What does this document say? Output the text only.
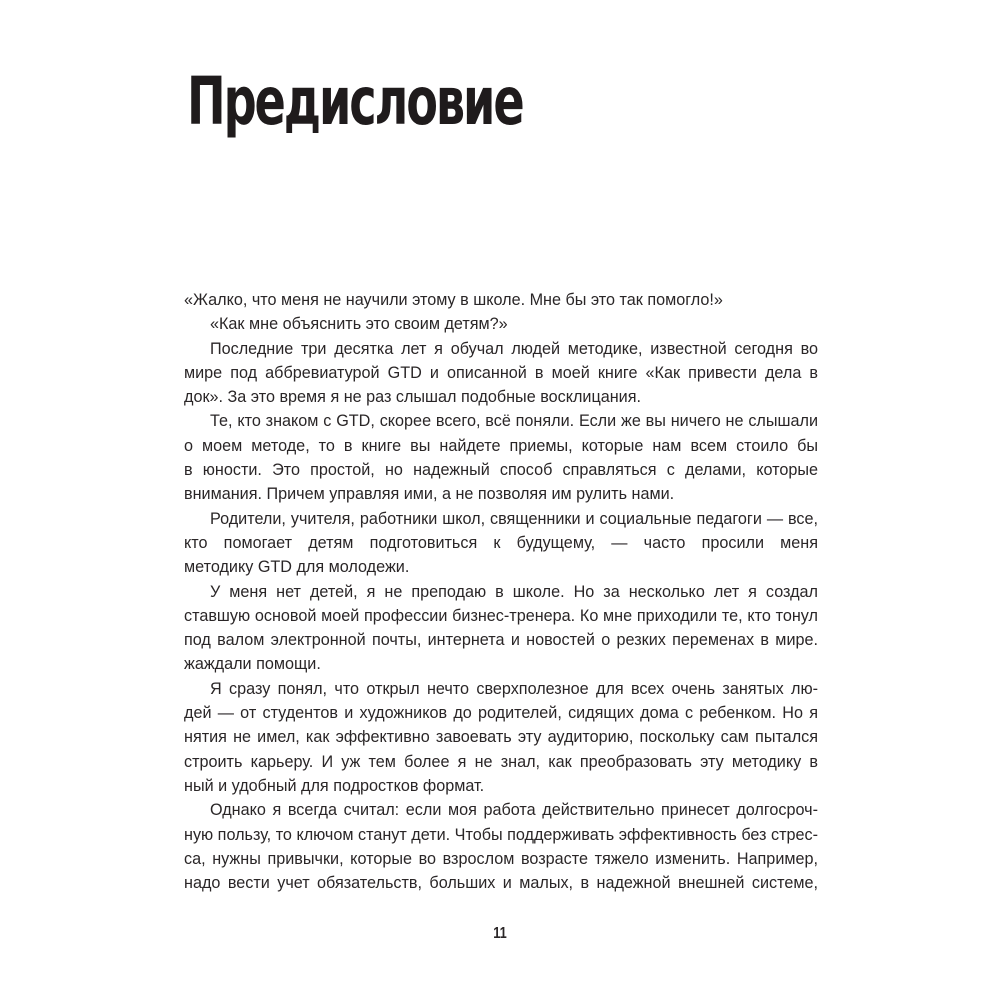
Предисловие
«Жалко, что меня не научили этому в школе. Мне бы это так помогло!»
«Как мне объяснить это своим детям?»
Последние три десятка лет я обучал людей методике, известной сегодня во
мире под аббревиатурой GTD и описанной в моей книге «Как привести дела в
док». За это время я не раз слышал подобные восклицания.
Те, кто знаком с GTD, скорее всего, всё поняли. Если же вы ничего не слышали
о моем методе, то в книге вы найдете приемы, которые нам всем стоило бы
в юности. Это простой, но надежный способ справляться с делами, которые
внимания. Причем управляя ими, а не позволяя им рулить нами.
Родители, учителя, работники школ, священники и социальные педагоги — все,
кто помогает детям подготовиться к будущему, — часто просили меня
методику GTD для молодежи.
У меня нет детей, я не преподаю в школе. Но за несколько лет я создал
ставшую основой моей профессии бизнес-тренера. Ко мне приходили те, кто тонул
под валом электронной почты, интернета и новостей о резких переменах в мире.
жаждали помощи.
Я сразу понял, что открыл нечто сверхполезное для всех очень занятых лю-
дей — от студентов и художников до родителей, сидящих дома с ребенком. Но я
нятия не имел, как эффективно завоевать эту аудиторию, поскольку сам пытался
строить карьеру. И уж тем более я не знал, как преобразовать эту методику в
ный и удобный для подростков формат.
Однако я всегда считал: если моя работа действительно принесет долгосроч-
ную пользу, то ключом станут дети. Чтобы поддерживать эффективность без стрес-
са, нужны привычки, которые во взрослом возрасте тяжело изменить. Например,
надо вести учет обязательств, больших и малых, в надежной внешней системе,
11
